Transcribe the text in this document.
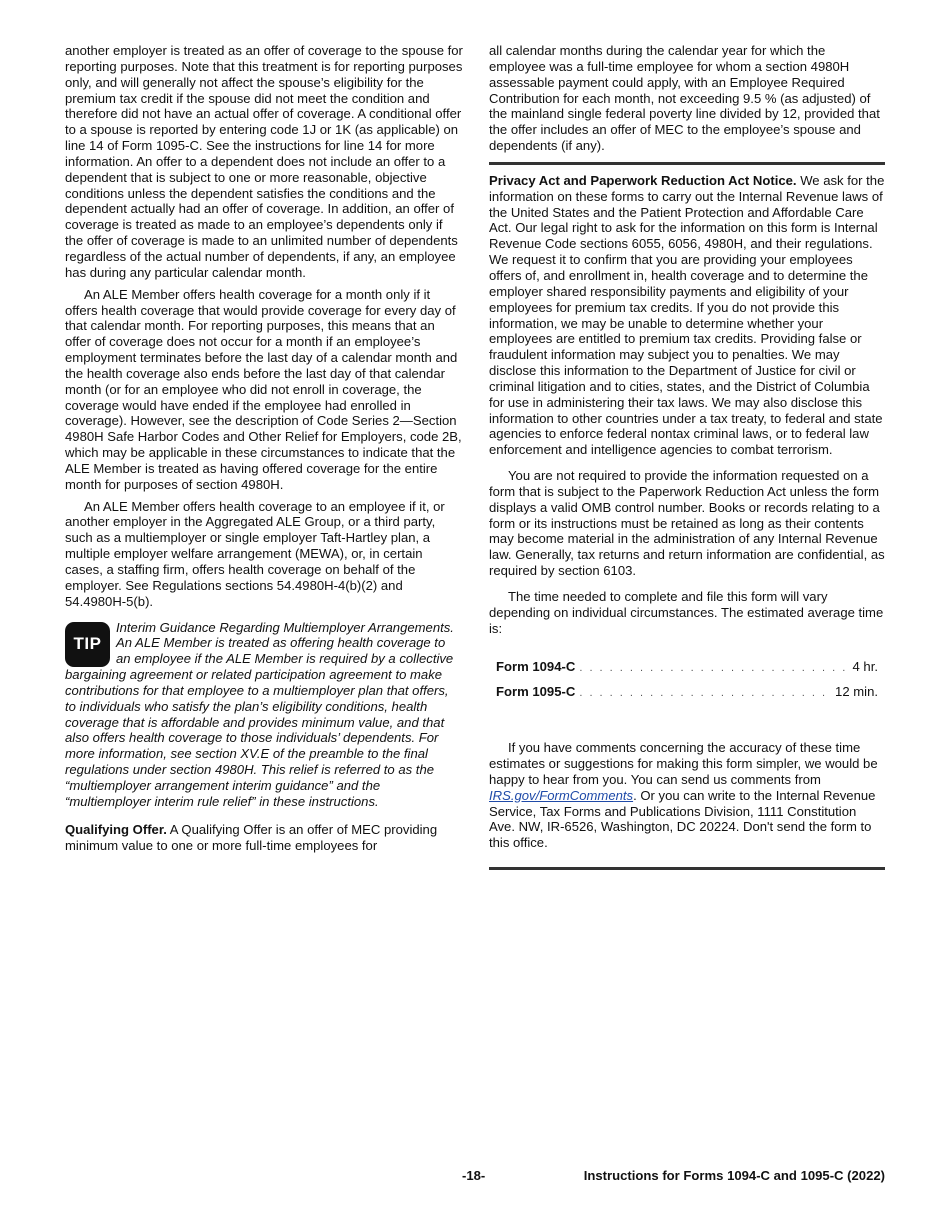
another employer is treated as an offer of coverage to the spouse for reporting purposes. Note that this treatment is for reporting purposes only, and will generally not affect the spouse’s eligibility for the premium tax credit if the spouse did not meet the condition and therefore did not have an actual offer of coverage. A conditional offer to a spouse is reported by entering code 1J or 1K (as applicable) on line 14 of Form 1095-C. See the instructions for line 14 for more information. An offer to a dependent does not include an offer to a dependent that is subject to one or more reasonable, objective conditions unless the dependent satisfies the conditions and the dependent actually had an offer of coverage. In addition, an offer of coverage is treated as made to an employee’s dependents only if the offer of coverage is made to an unlimited number of dependents regardless of the actual number of dependents, if any, an employee has during any particular calendar month.

An ALE Member offers health coverage for a month only if it offers health coverage that would provide coverage for every day of that calendar month. For reporting purposes, this means that an offer of coverage does not occur for a month if an employee’s employment terminates before the last day of a calendar month and the health coverage also ends before the last day of that calendar month (or for an employee who did not enroll in coverage, the coverage would have ended if the employee had enrolled in coverage). However, see the description of Code Series 2—Section 4980H Safe Harbor Codes and Other Relief for Employers, code 2B, which may be applicable in these circumstances to indicate that the ALE Member is treated as having offered coverage for the entire month for purposes of section 4980H.

An ALE Member offers health coverage to an employee if it, or another employer in the Aggregated ALE Group, or a third party, such as a multiemployer or single employer Taft-Hartley plan, a multiple employer welfare arrangement (MEWA), or, in certain cases, a staffing firm, offers health coverage on behalf of the employer. See Regulations sections 54.4980H-4(b)(2) and 54.4980H-5(b).

TIP

Interim Guidance Regarding Multiemployer Arrangements. An ALE Member is treated as offering health coverage to an employee if the ALE Member is required by a collective bargaining agreement or related participation agreement to make contributions for that employee to a multiemployer plan that offers, to individuals who satisfy the plan’s eligibility conditions, health coverage that is affordable and provides minimum value, and that also offers health coverage to those individuals’ dependents. For more information, see section XV.E of the preamble to the final regulations under section 4980H. This relief is referred to as the “multiemployer arrangement interim guidance” and the “multiemployer interim rule relief” in these instructions.

Qualifying Offer. A Qualifying Offer is an offer of MEC providing minimum value to one or more full-time employees for

all calendar months during the calendar year for which the employee was a full-time employee for whom a section 4980H assessable payment could apply, with an Employee Required Contribution for each month, not exceeding 9.5 % (as adjusted) of the mainland single federal poverty line divided by 12, provided that the offer includes an offer of MEC to the employee’s spouse and dependents (if any).

Privacy Act and Paperwork Reduction Act Notice. We ask for the information on these forms to carry out the Internal Revenue laws of the United States and the Patient Protection and Affordable Care Act. Our legal right to ask for the information on this form is Internal Revenue Code sections 6055, 6056, 4980H, and their regulations. We request it to confirm that you are providing your employees offers of, and enrollment in, health coverage and to determine the employer shared responsibility payments and eligibility of your employees for premium tax credits. If you do not provide this information, we may be unable to determine whether your employees are entitled to premium tax credits. Providing false or fraudulent information may subject you to penalties. We may disclose this information to the Department of Justice for civil or criminal litigation and to cities, states, and the District of Columbia for use in administering their tax laws. We may also disclose this information to other countries under a tax treaty, to federal and state agencies to enforce federal nontax criminal laws, or to federal law enforcement and intelligence agencies to combat terrorism.

You are not required to provide the information requested on a form that is subject to the Paperwork Reduction Act unless the form displays a valid OMB control number. Books or records relating to a form or its instructions must be retained as long as their contents may become material in the administration of any Internal Revenue law. Generally, tax returns and return information are confidential, as required by section 6103.

The time needed to complete and file this form will vary depending on individual circumstances. The estimated average time is:

Form 1094-C . . .	4 hr.
Form 1095-C . . .	12 min.

If you have comments concerning the accuracy of these time estimates or suggestions for making this form simpler, we would be happy to hear from you. You can send us comments from IRS.gov/FormComments. Or you can write to the Internal Revenue Service, Tax Forms and Publications Division, 1111 Constitution Ave. NW, IR-6526, Washington, DC 20224. Don't send the form to this office.

-18-	Instructions for Forms 1094-C and 1095-C (2022)
